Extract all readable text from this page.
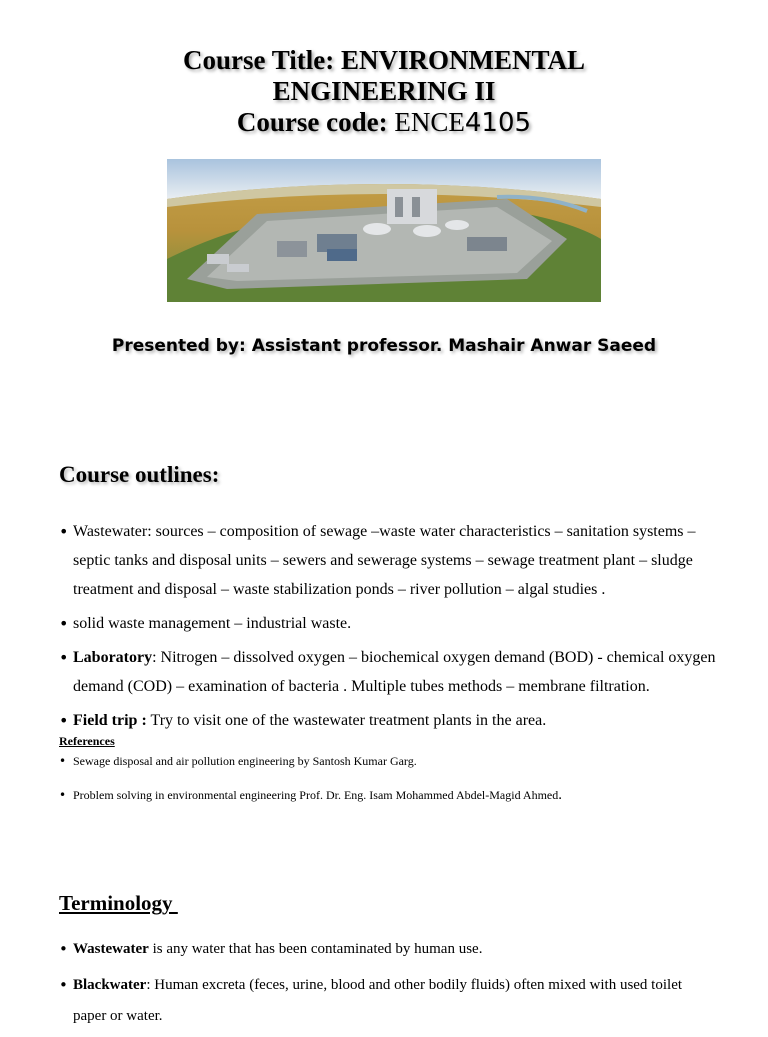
Course Title: ENVIRONMENTAL
ENGINEERING II
Course code: ENCE4105
Presented by: Assistant professor. Mashair Anwar Saeed
Course outlines:
• Wastewater: sources – composition of sewage –waste water characteristics – sanitation systems – septic tanks and disposal units – sewers and sewerage systems – sewage treatment plant – sludge treatment and disposal – waste stabilization ponds – river pollution – algal studies .
• solid waste management – industrial waste.
• Laboratory: Nitrogen – dissolved oxygen – biochemical oxygen demand (BOD) - chemical oxygen demand (COD) – examination of bacteria . Multiple tubes methods – membrane filtration.
• Field trip : Try to visit one of the wastewater treatment plants in the area.
References
• Sewage disposal and air pollution engineering by Santosh Kumar Garg.
• Problem solving in environmental engineering Prof. Dr. Eng. Isam Mohammed Abdel-Magid Ahmed.
Terminology
• Wastewater is any water that has been contaminated by human use.
• Blackwater: Human excreta (feces, urine, blood and other bodily fluids) often mixed with used toilet paper or water.
